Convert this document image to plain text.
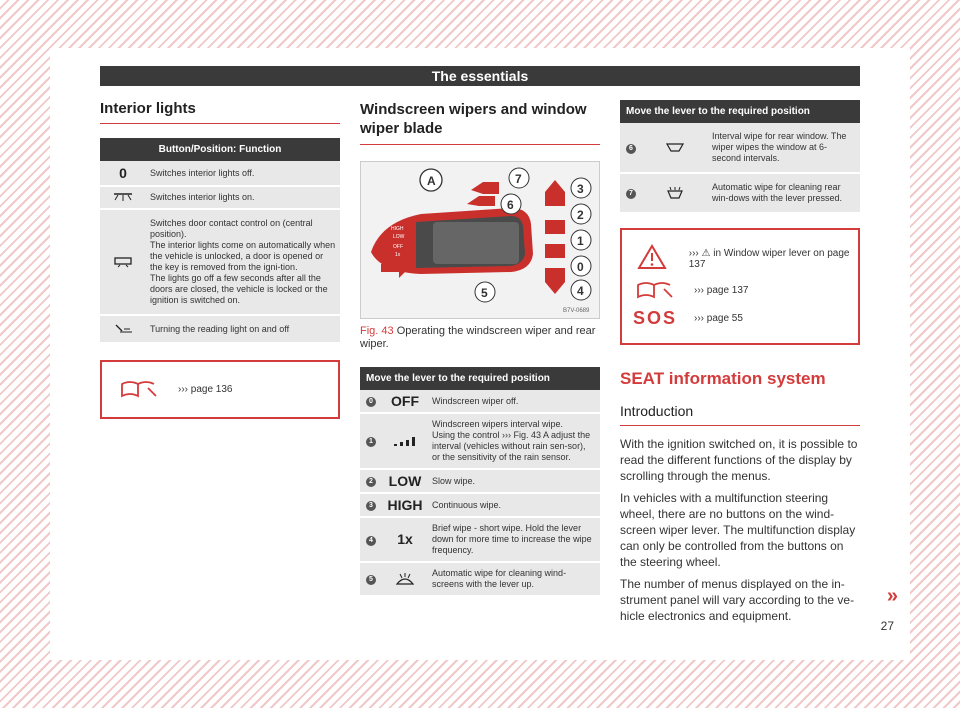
The essentials
Interior lights
Button/Position: Function	
0	Switches interior lights off.
	Switches interior lights on.
	Switches door contact control on (central position).
The interior lights come on automatically when the vehicle is unlocked, a door is opened or the key is removed from the igni-tion.
The lights go off a few seconds after all the doors are closed, the vehicle is locked or the ignition is switched on.
	Turning the reading light on and off
››› page 136
Windscreen wipers and window wiper blade
HIGH
LOW
OFF
1x
A	7
6
3
2
1
0
4
5
B7V-0689
Fig. 43 Operating the windscreen wiper and rear wiper.
Move the lever to the required position		
0	OFF	Windscreen wiper off.
1		Windscreen wipers interval wipe.
Using the control ››› Fig. 43 A adjust the interval (vehicles without rain sen-sor), or the sensitivity of the rain sensor.
2	LOW	Slow wipe.
3	HIGH	Continuous wipe.
4	1x	Brief wipe - short wipe. Hold the lever down for more time to increase the wipe frequency.
5		Automatic wipe for cleaning wind-screens with the lever up.
Move the lever to the required position		
6		Interval wipe for rear window. The wiper wipes the window at 6-second intervals.
7		Automatic wipe for cleaning rear win-dows with the lever pressed.
››› ⚠ in Window wiper lever on page 137
››› page 137
SOS	››› page 55
SEAT information system
Introduction

With the ignition switched on, it is possible to read the different functions of the display by scrolling through the menus.

In vehicles with a multifunction steering wheel, there are no buttons on the wind-screen wiper lever. The multifunction display can only be controlled from the buttons on the steering wheel.

The number of menus displayed on the in-strument panel will vary according to the ve-hicle electronics and equipment.

»
27
